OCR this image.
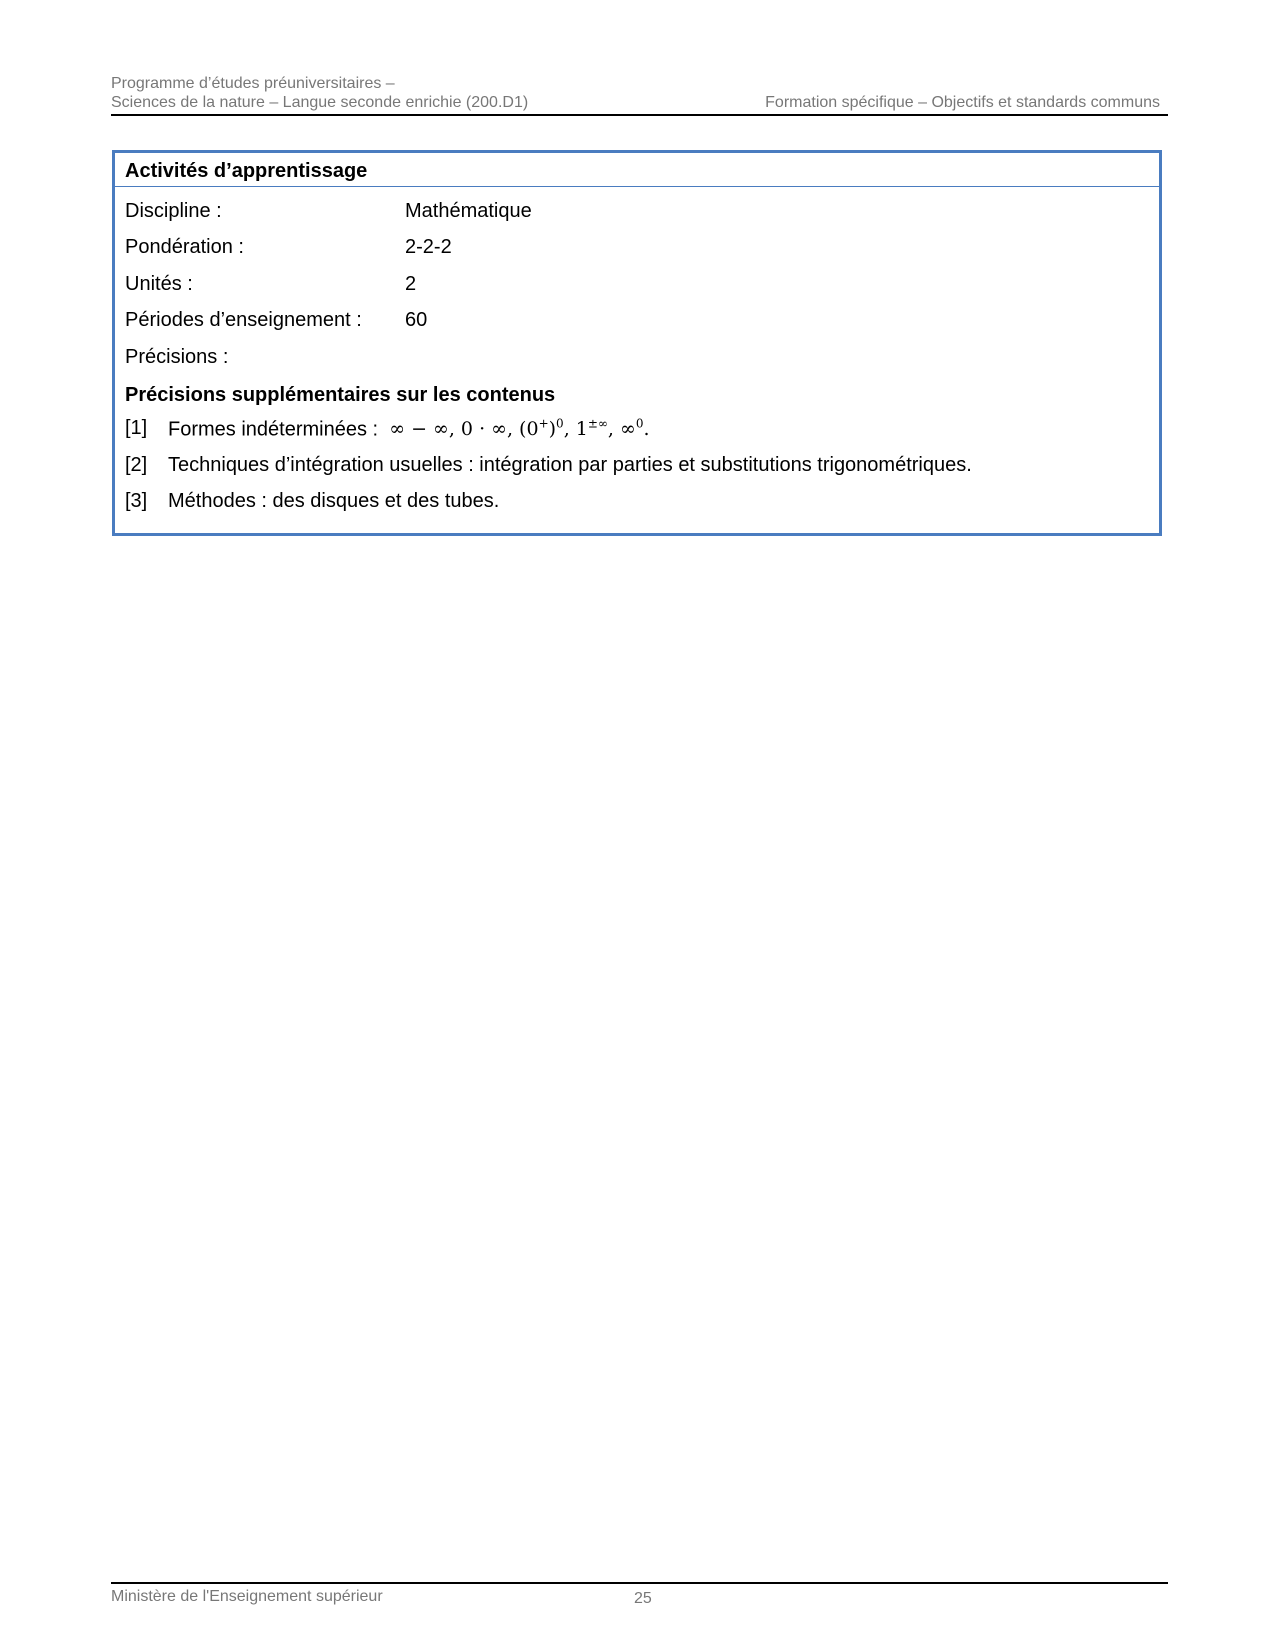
Programme d’études préuniversitaires –
Sciences de la nature – Langue seconde enrichie (200.D1)	Formation spécifique – Objectifs et standards communs
Activités d’apprentissage
Discipline :	Mathématique
Pondération :	2-2-2
Unités :	2
Périodes d’enseignement :	60
Précisions :
Précisions supplémentaires sur les contenus
[1]	Formes indéterminées :  ∞ − ∞, 0 · ∞, $(0^+)^0$, 1±∞, ∞$^0$.
[2]	Techniques d’intégration usuelles : intégration par parties et substitutions trigonométriques.
[3]	Méthodes : des disques et des tubes.
Ministère de l'Enseignement supérieur	25
